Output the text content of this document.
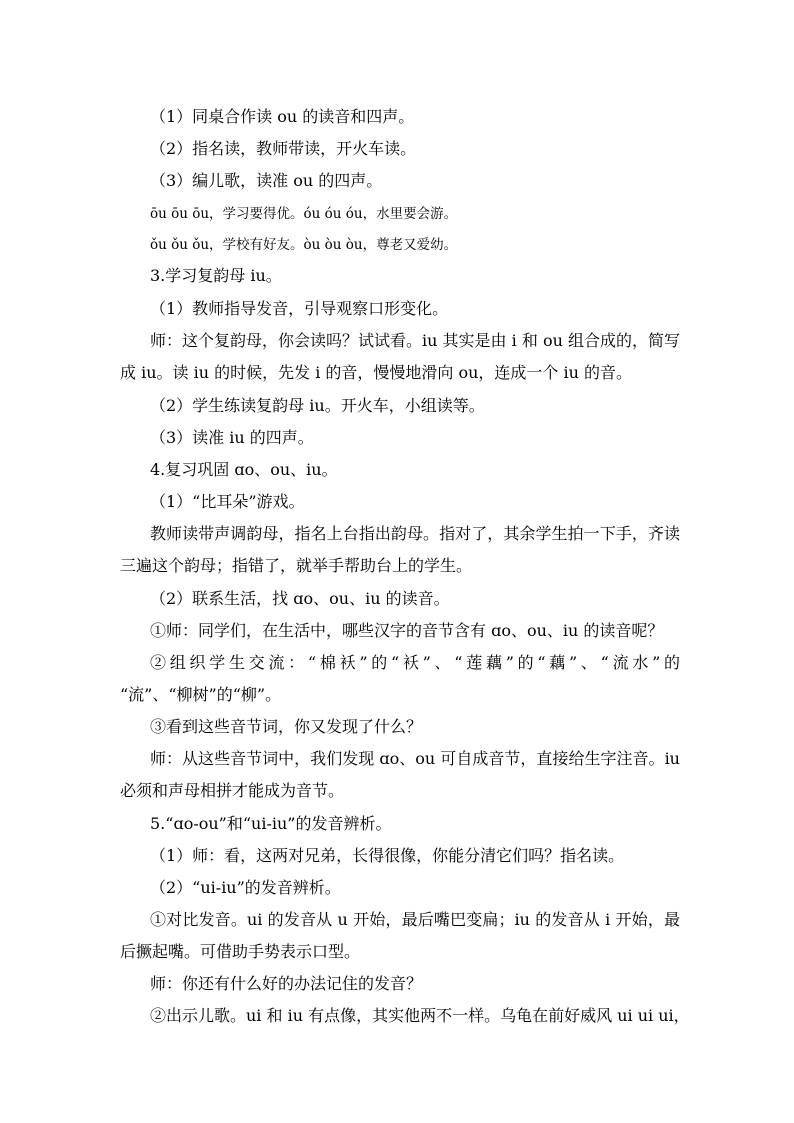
（1）同桌合作读 ou 的读音和四声。
（2）指名读，教师带读，开火车读。
（3）编儿歌，读准 ou 的四声。
ōu ōu ōu，学习要得优。óu óu óu，水里要会游。
ǒu ǒu ǒu，学校有好友。òu òu òu，尊老又爱幼。
3.学习复韵母 iu。
（1）教师指导发音，引导观察口形变化。
师：这个复韵母，你会读吗？试试看。iu 其实是由 i 和 ou 组合成的，简写
成 iu。读 iu 的时候，先发 i 的音，慢慢地滑向 ou，连成一个 iu 的音。
（2）学生练读复韵母 iu。开火车，小组读等。
（3）读准 iu 的四声。
4.复习巩固 ɑo、ou、iu。
（1）“比耳朵”游戏。
教师读带声调韵母，指名上台指出韵母。指对了，其余学生拍一下手，齐读
三遍这个韵母；指错了，就举手帮助台上的学生。
（2）联系生活，找 ɑo、ou、iu 的读音。
①师：同学们，在生活中，哪些汉字的音节含有 ɑo、ou、iu 的读音呢？
②组织学生交流：“棉袄”的“袄”、“莲藕”的“藕”、“流水”的
“流”、“柳树”的“柳”。
③看到这些音节词，你又发现了什么？
师：从这些音节词中，我们发现 ɑo、ou 可自成音节，直接给生字注音。iu
必须和声母相拼才能成为音节。
5.“ɑo-ou”和“ui-iu”的发音辨析。
（1）师：看，这两对兄弟，长得很像，你能分清它们吗？指名读。
（2）“ui-iu”的发音辨析。
①对比发音。ui 的发音从 u 开始，最后嘴巴变扁；iu 的发音从 i 开始，最
后撅起嘴。可借助手势表示口型。
师：你还有什么好的办法记住的发音？
②出示儿歌。ui 和 iu 有点像，其实他两不一样。乌龟在前好威风 ui ui ui，
